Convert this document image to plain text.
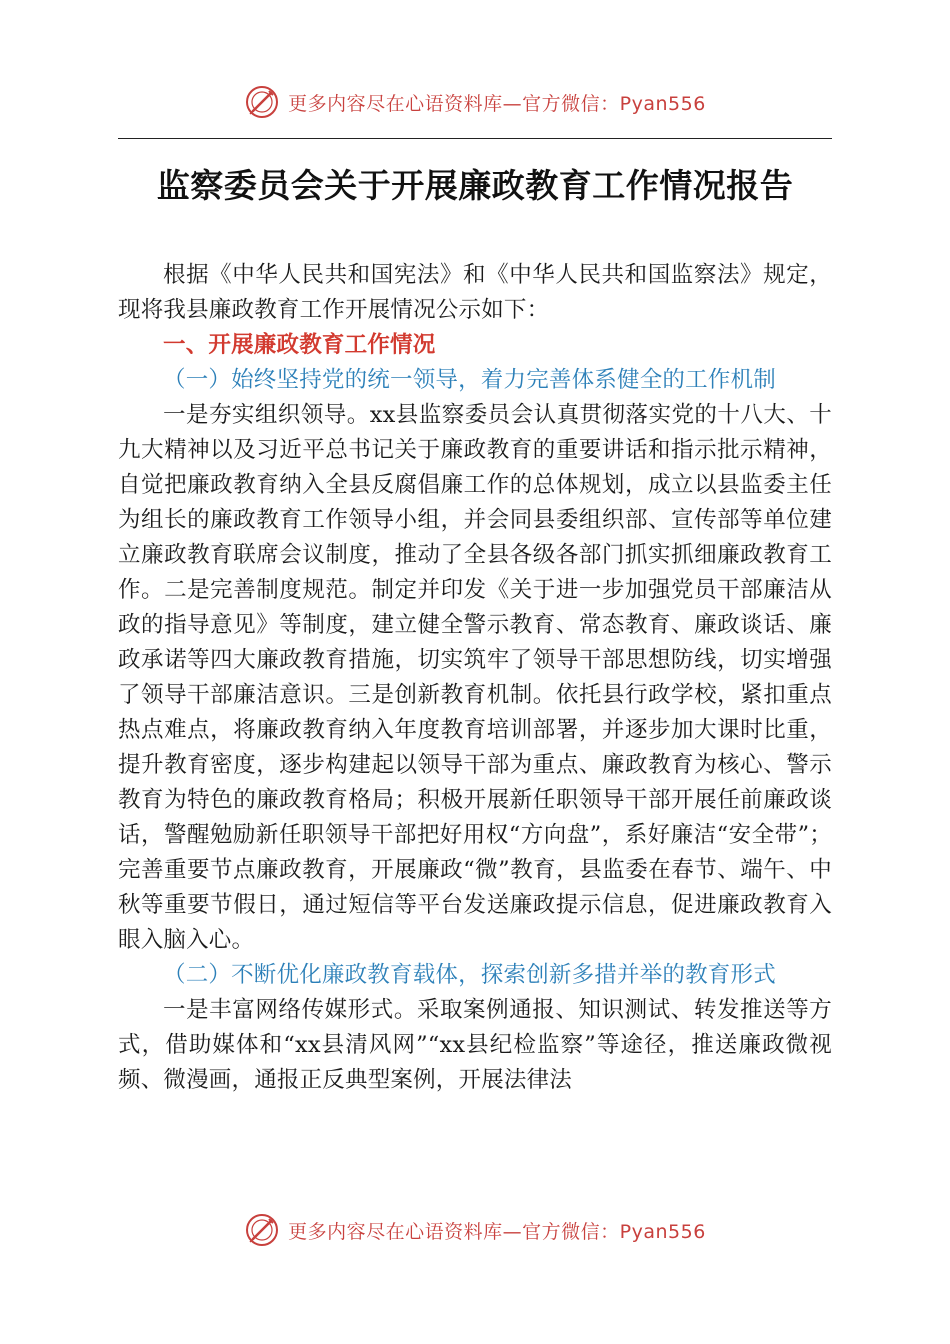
更多内容尽在心语资料库—官方微信：Pyan556
监察委员会关于开展廉政教育工作情况报告

根据《中华人民共和国宪法》和《中华人民共和国监察法》规定，现将我县廉政教育工作开展情况公示如下：

一、开展廉政教育工作情况

（一）始终坚持党的统一领导，着力完善体系健全的工作机制

一是夯实组织领导。xx县监察委员会认真贯彻落实党的十八大、十九大精神以及习近平总书记关于廉政教育的重要讲话和指示批示精神，自觉把廉政教育纳入全县反腐倡廉工作的总体规划，成立以县监委主任为组长的廉政教育工作领导小组，并会同县委组织部、宣传部等单位建立廉政教育联席会议制度，推动了全县各级各部门抓实抓细廉政教育工作。二是完善制度规范。制定并印发《关于进一步加强党员干部廉洁从政的指导意见》等制度，建立健全警示教育、常态教育、廉政谈话、廉政承诺等四大廉政教育措施，切实筑牢了领导干部思想防线，切实增强了领导干部廉洁意识。三是创新教育机制。依托县行政学校，紧扣重点热点难点，将廉政教育纳入年度教育培训部署，并逐步加大课时比重，提升教育密度，逐步构建起以领导干部为重点、廉政教育为核心、警示教育为特色的廉政教育格局；积极开展新任职领导干部开展任前廉政谈话，警醒勉励新任职领导干部把好用权“方向盘”，系好廉洁“安全带”；完善重要节点廉政教育，开展廉政“微”教育，县监委在春节、端午、中秋等重要节假日，通过短信等平台发送廉政提示信息，促进廉政教育入眼入脑入心。

（二）不断优化廉政教育载体，探索创新多措并举的教育形式

一是丰富网络传媒形式。采取案例通报、知识测试、转发推送等方式，借助媒体和“xx县清风网”“xx县纪检监察”等途径，推送廉政微视频、微漫画，通报正反典型案例，开展法律法

更多内容尽在心语资料库—官方微信：Pyan556
